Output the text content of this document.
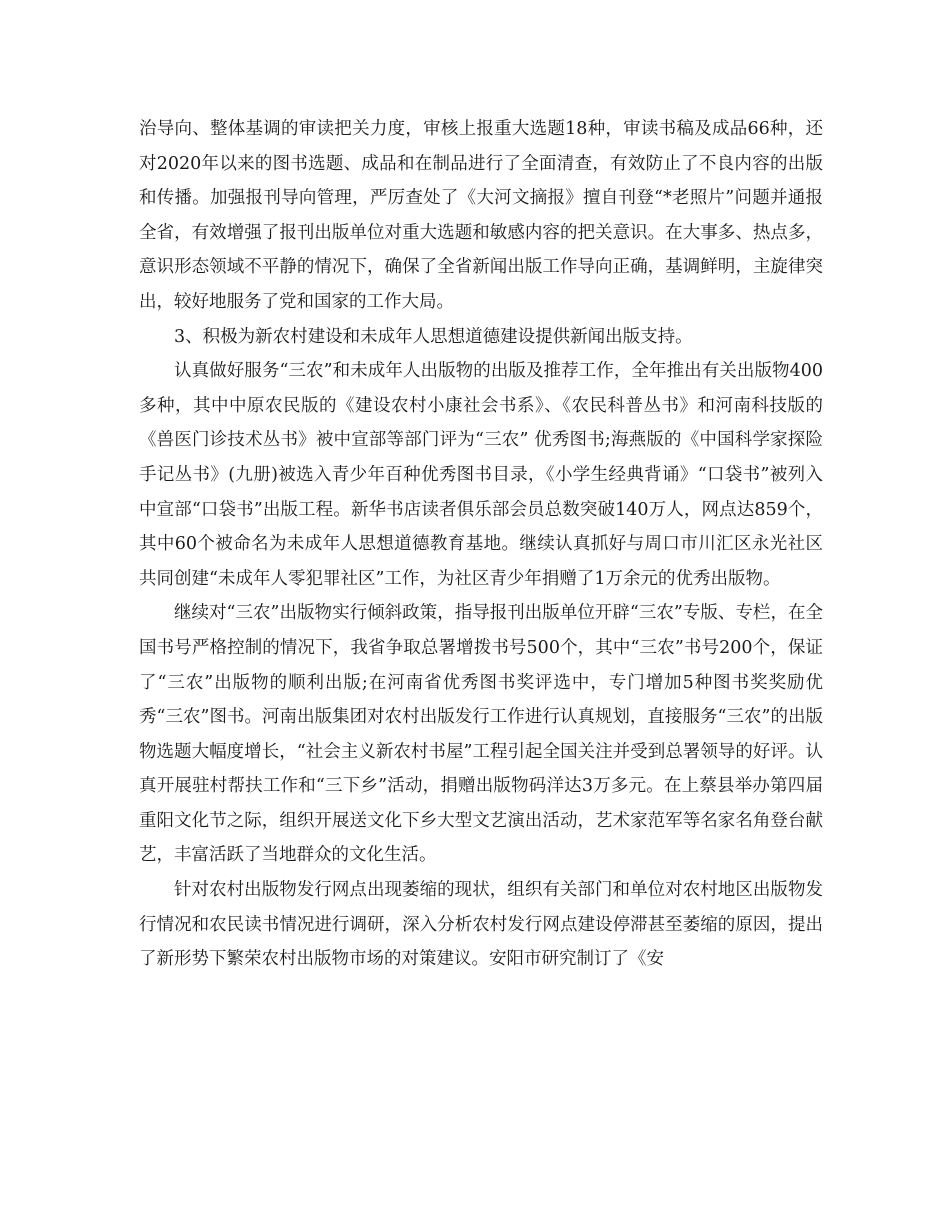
治导向、整体基调的审读把关力度，审核上报重大选题18种，审读书稿及成品66种，还对2020年以来的图书选题、成品和在制品进行了全面清查，有效防止了不良内容的出版和传播。加强报刊导向管理，严厉查处了《大河文摘报》擅自刊登“*老照片”问题并通报全省，有效增强了报刊出版单位对重大选题和敏感内容的把关意识。在大事多、热点多，意识形态领域不平静的情况下，确保了全省新闻出版工作导向正确，基调鲜明，主旋律突出，较好地服务了党和国家的工作大局。

3、积极为新农村建设和未成年人思想道德建设提供新闻出版支持。

认真做好服务“三农”和未成年人出版物的出版及推荐工作，全年推出有关出版物400多种，其中中原农民版的《建设农村小康社会书系》、《农民科普丛书》和河南科技版的《兽医门诊技术丛书》被中宣部等部门评为“三农” 优秀图书;海燕版的《中国科学家探险手记丛书》(九册)被选入青少年百种优秀图书目录，《小学生经典背诵》“口袋书”被列入中宣部“口袋书”出版工程。新华书店读者俱乐部会员总数突破140万人，网点达859个，其中60个被命名为未成年人思想道德教育基地。继续认真抓好与周口市川汇区永光社区共同创建“未成年人零犯罪社区”工作，为社区青少年捐赠了1万余元的优秀出版物。

继续对“三农”出版物实行倾斜政策，指导报刊出版单位开辟“三农”专版、专栏，在全国书号严格控制的情况下，我省争取总署增拨书号500个，其中“三农”书号200个，保证了“三农”出版物的顺利出版;在河南省优秀图书奖评选中，专门增加5种图书奖奖励优秀“三农”图书。河南出版集团对农村出版发行工作进行认真规划，直接服务“三农”的出版物选题大幅度增长，“社会主义新农村书屋”工程引起全国关注并受到总署领导的好评。认真开展驻村帮扶工作和“三下乡”活动，捐赠出版物码洋达3万多元。在上蔡县举办第四届重阳文化节之际，组织开展送文化下乡大型文艺演出活动，艺术家范军等名家名角登台献艺，丰富活跃了当地群众的文化生活。

针对农村出版物发行网点出现萎缩的现状，组织有关部门和单位对农村地区出版物发行情况和农民读书情况进行调研，深入分析农村发行网点建设停滞甚至萎缩的原因，提出了新形势下繁荣农村出版物市场的对策建议。安阳市研究制订了《安
